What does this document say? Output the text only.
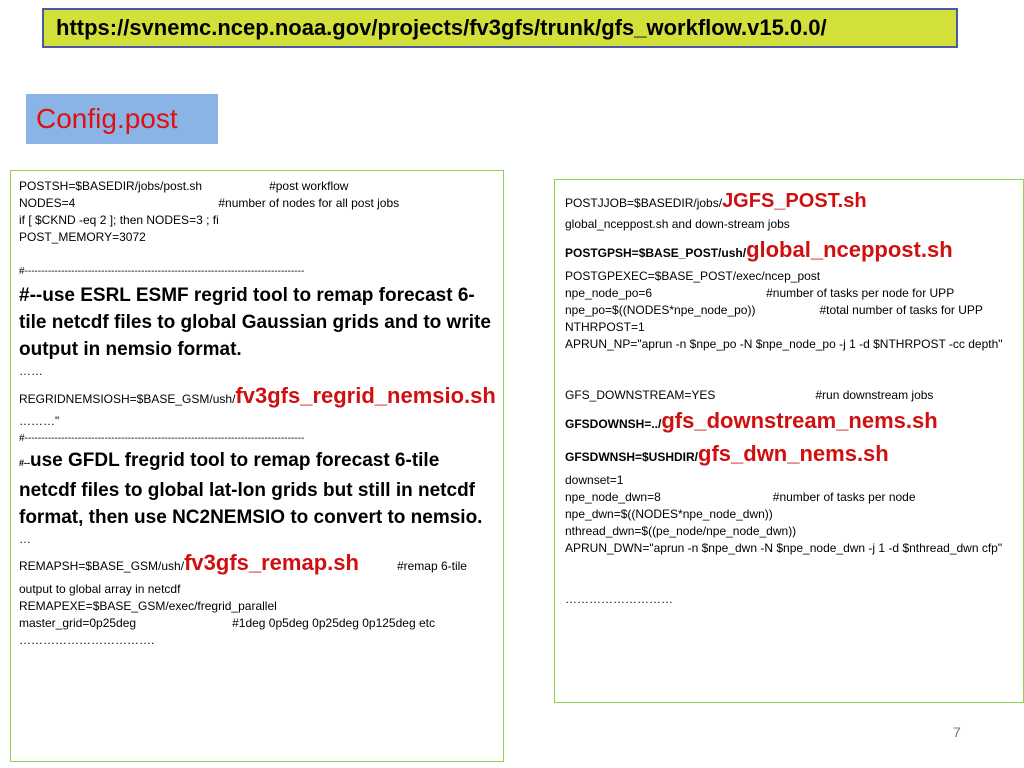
https://svnemc.ncep.noaa.gov/projects/fv3gfs/trunk/gfs_workflow.v15.0.0/
Config.post
POSTSH=$BASEDIR/jobs/post.sh	#post workflow
NODES=4	#number of nodes for all post jobs
if [ $CKND -eq 2 ]; then NODES=3 ; fi
POST_MEMORY=3072
#------------------------------------------------------------------------------------
#--use ESRL ESMF regrid tool to remap forecast 6-tile netcdf files to global Gaussian grids and to write output in nemsio format.
……
REGRIDNEMSIOSH=$BASE_GSM/ush/fv3gfs_regrid_nemsio.sh
………"
#------------------------------------------------------------------------------------
#--use GFDL fregrid tool to remap forecast 6-tile netcdf files to global lat-lon grids but still in netcdf format, then use NC2NEMSIO to convert to nemsio.
…
REMAPSH=$BASE_GSM/ush/fv3gfs_remap.sh	#remap 6-tile
output to global array in netcdf
REMAPEXE=$BASE_GSM/exec/fregrid_parallel
master_grid=0p25deg	#1deg 0p5deg 0p25deg 0p125deg etc
…………………………….
POSTJJOB=$BASEDIR/jobs/JGFS_POST.sh
global_nceppost.sh and down-stream jobs
POSTGPSH=$BASE_POST/ush/global_nceppost.sh
POSTGPEXEC=$BASE_POST/exec/ncep_post
npe_node_po=6	#number of tasks per node for UPP
npe_po=$((NODES*npe_node_po))	#total number of tasks for UPP
NTHRPOST=1
APRUN_NP="aprun -n $npe_po -N $npe_node_po -j 1 -d $NTHRPOST -cc depth"
GFS_DOWNSTREAM=YES	#run downstream jobs
GFSDOWNSH=../gfs_downstream_nems.sh
GFSDWNSH=$USHDIR/gfs_dwn_nems.sh
downset=1
npe_node_dwn=8	#number of tasks per node
npe_dwn=$((NODES*npe_node_dwn))
nthread_dwn=$((pe_node/npe_node_dwn))
APRUN_DWN="aprun -n $npe_dwn -N $npe_node_dwn -j 1 -d $nthread_dwn cfp"
………………………
7
